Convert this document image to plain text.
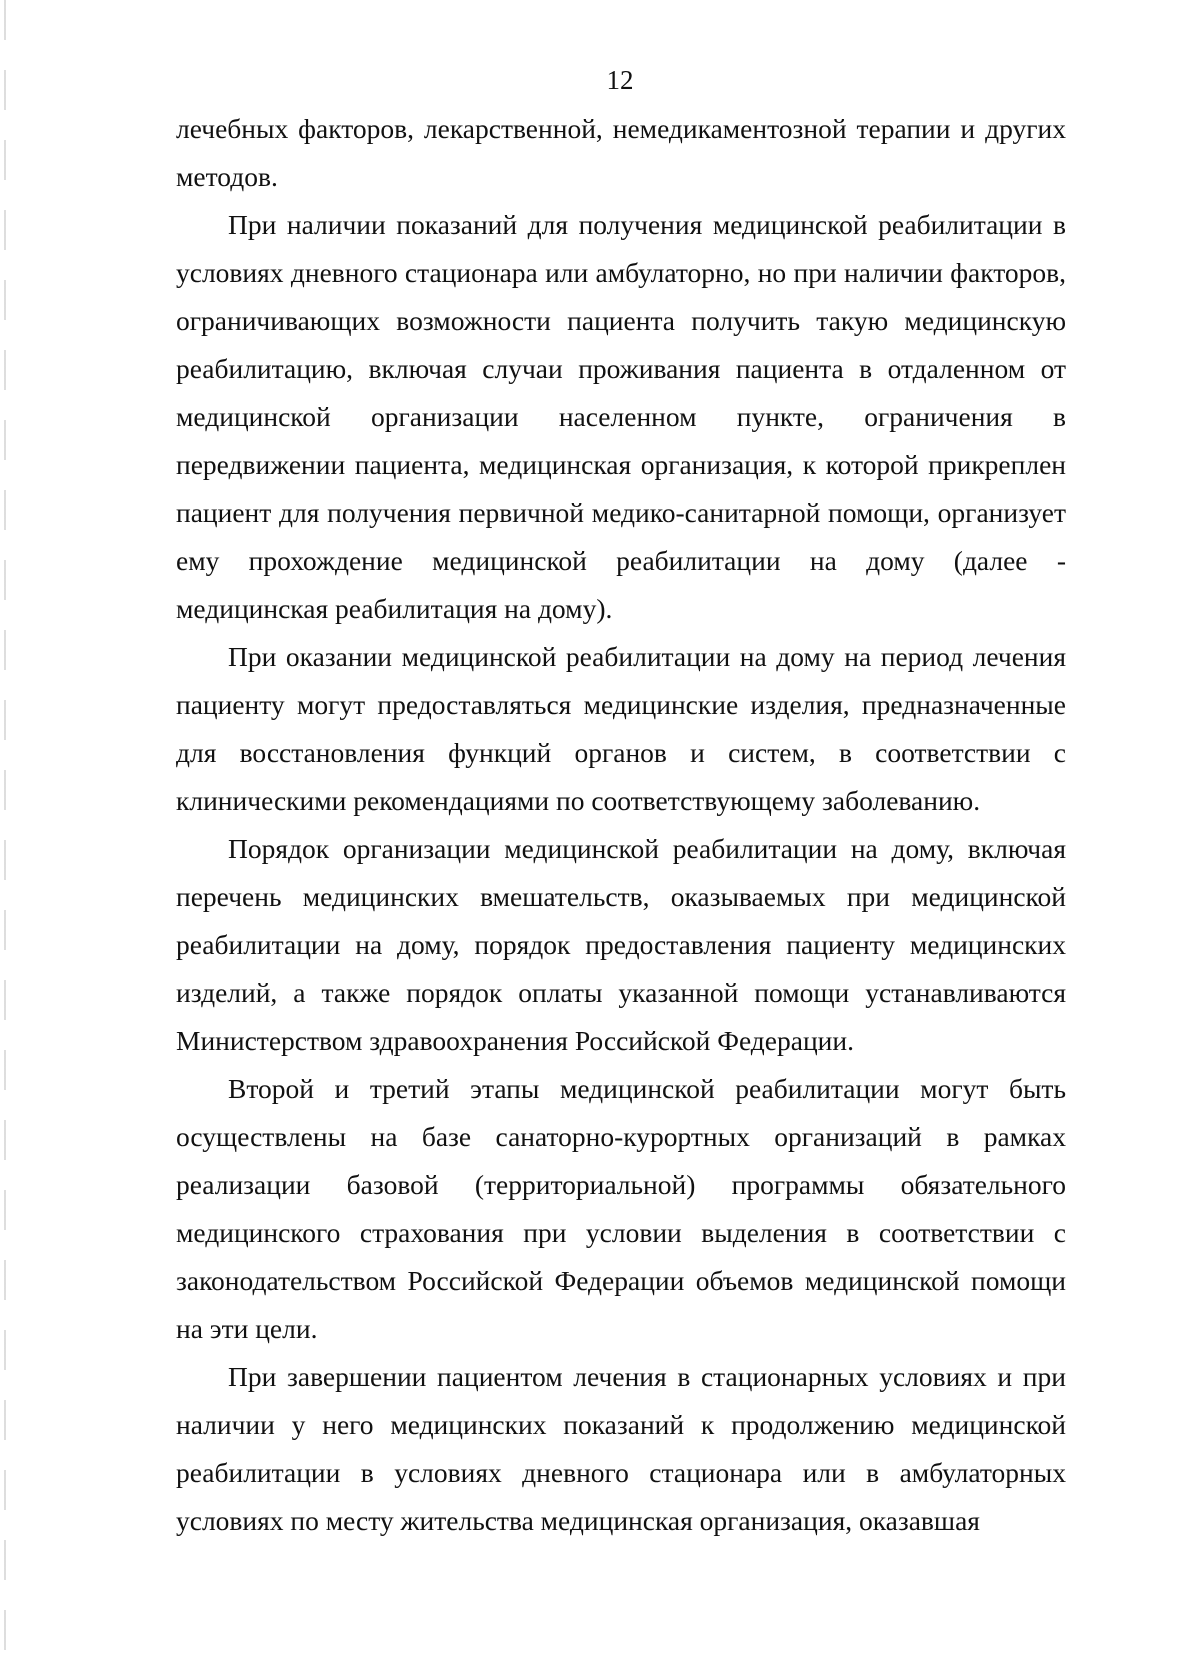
12

лечебных факторов, лекарственной, немедикаментозной терапии и других методов.

При наличии показаний для получения медицинской реабилитации в условиях дневного стационара или амбулаторно, но при наличии факторов, ограничивающих возможности пациента получить такую медицинскую реабилитацию, включая случаи проживания пациента в отдаленном от медицинской организации населенном пункте, ограничения в передвижении пациента, медицинская организация, к которой прикреплен пациент для получения первичной медико-санитарной помощи, организует ему прохождение медицинской реабилитации на дому (далее - медицинская реабилитация на дому).

При оказании медицинской реабилитации на дому на период лечения пациенту могут предоставляться медицинские изделия, предназначенные для восстановления функций органов и систем, в соответствии с клиническими рекомендациями по соответствующему заболеванию.

Порядок организации медицинской реабилитации на дому, включая перечень медицинских вмешательств, оказываемых при медицинской реабилитации на дому, порядок предоставления пациенту медицинских изделий, а также порядок оплаты указанной помощи устанавливаются Министерством здравоохранения Российской Федерации.

Второй и третий этапы медицинской реабилитации могут быть осуществлены на базе санаторно-курортных организаций в рамках реализации базовой (территориальной) программы обязательного медицинского страхования при условии выделения в соответствии с законодательством Российской Федерации объемов медицинской помощи на эти цели.

При завершении пациентом лечения в стационарных условиях и при наличии у него медицинских показаний к продолжению медицинской реабилитации в условиях дневного стационара или в амбулаторных условиях по месту жительства медицинская организация, оказавшая
